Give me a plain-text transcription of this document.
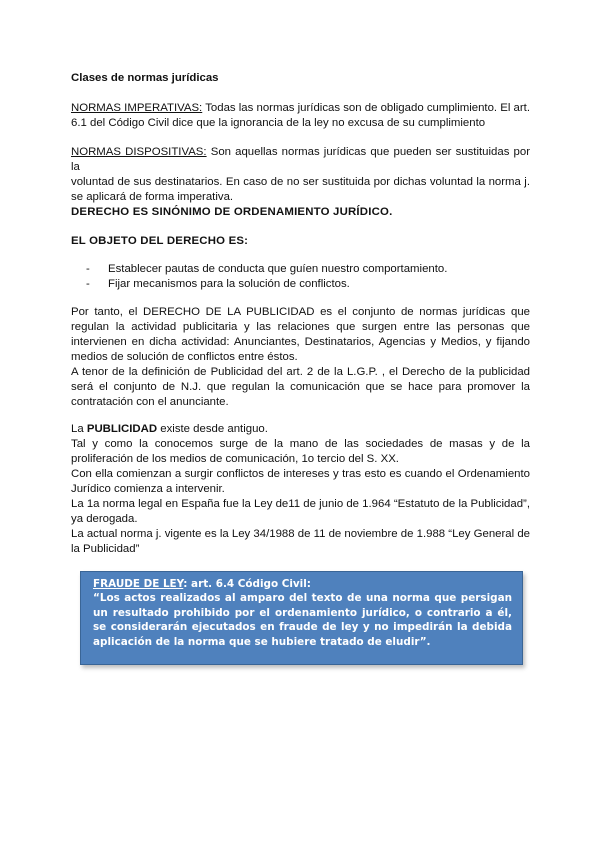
Clases de normas jurídicas
NORMAS IMPERATIVAS: Todas las normas jurídicas son de obligado cumplimiento. El art.
6.1 del Código Civil dice que la ignorancia de la ley no excusa de su cumplimiento
NORMAS DISPOSITIVAS: Son aquellas normas jurídicas que pueden ser sustituidas por la
voluntad de sus destinatarios. En caso de no ser sustituida por dichas voluntad la norma j.
se aplicará de forma imperativa.
DERECHO ES SINÓNIMO DE ORDENAMIENTO JURÍDICO.
EL OBJETO DEL DERECHO ES:
-	Establecer pautas de conducta que guíen nuestro comportamiento.
-	Fijar mecanismos para la solución de conflictos.
Por tanto, el DERECHO DE LA PUBLICIDAD es el conjunto de normas jurídicas que
regulan la actividad publicitaria y las relaciones que surgen entre las personas que
intervienen en dicha actividad: Anunciantes, Destinatarios, Agencias y Medios, y fijando
medios de solución de conflictos entre éstos.
A tenor de la definición de Publicidad del art. 2 de la L.G.P. , el Derecho de la publicidad
será el conjunto de N.J. que regulan la comunicación que se hace para promover la
contratación con el anunciante.
La PUBLICIDAD existe desde antiguo.
Tal y como la conocemos surge de la mano de las sociedades de masas y de la
proliferación de los medios de comunicación, 1o tercio del S. XX.
Con ella comienzan a surgir conflictos de intereses y tras esto es cuando el Ordenamiento
Jurídico comienza a intervenir.
La 1a norma legal en España fue la Ley de11 de junio de 1.964 “Estatuto de la Publicidad”,
ya derogada.
La actual norma j. vigente es la Ley 34/1988 de 11 de noviembre de 1.988 “Ley General de
la Publicidad”
FRAUDE DE LEY: art. 6.4 Código Civil:
“Los actos realizados al amparo del texto de una norma que persigan un resultado prohibido por el ordenamiento jurídico, o contrario a él, se considerarán ejecutados en fraude de ley y no impedirán la debida aplicación de la norma que se hubiere tratado de eludir”.
